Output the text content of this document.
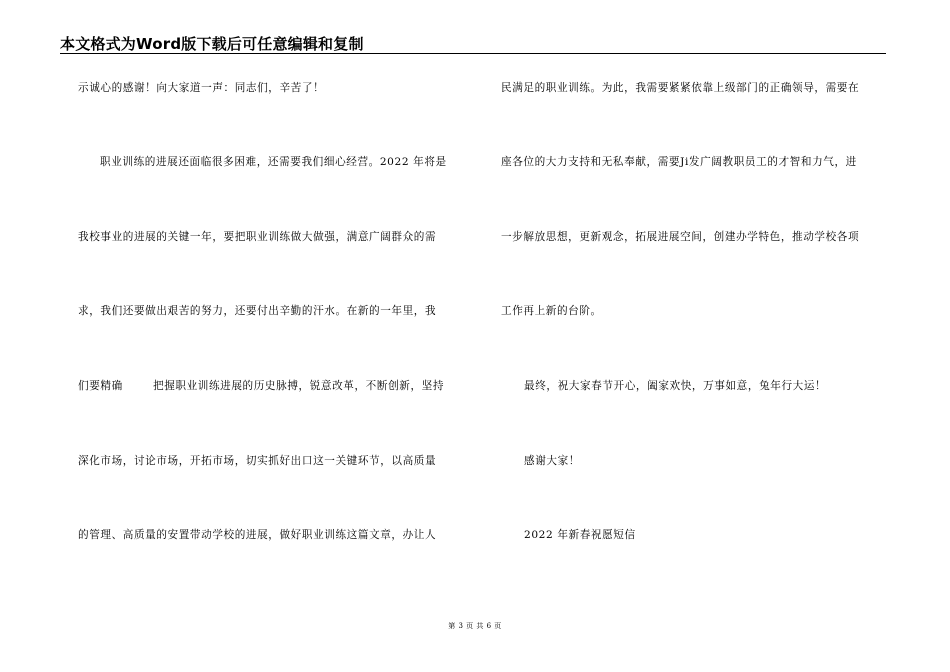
本文格式为Word版下载后可任意编辑和复制
示诚心的感谢！向大家道一声：同志们，辛苦了！
职业训练的进展还面临很多困难，还需要我们细心经营。2022 年将是
我校事业的进展的关键一年，要把职业训练做大做强，满意广阔群众的需
求，我们还要做出艰苦的努力，还要付出辛勤的汗水。在新的一年里，我
们要精确	把握职业训练进展的历史脉搏，锐意改革，不断创新，坚持
深化市场，讨论市场，开拓市场，切实抓好出口这一关键环节，以高质量
的管理、高质量的安置带动学校的进展，做好职业训练这篇文章，办让人
民满足的职业训练。为此，我需要紧紧依靠上级部门的正确领导，需要在
座各位的大力支持和无私奉献，需要Ji发广阔教职员工的才智和力气，进
一步解放思想，更新观念，拓展进展空间，创建办学特色，推动学校各项
工作再上新的台阶。
最终，祝大家春节开心，阖家欢快，万事如意，兔年行大运！
感谢大家！
2022 年新春祝愿短信
第 3 页 共 6 页
